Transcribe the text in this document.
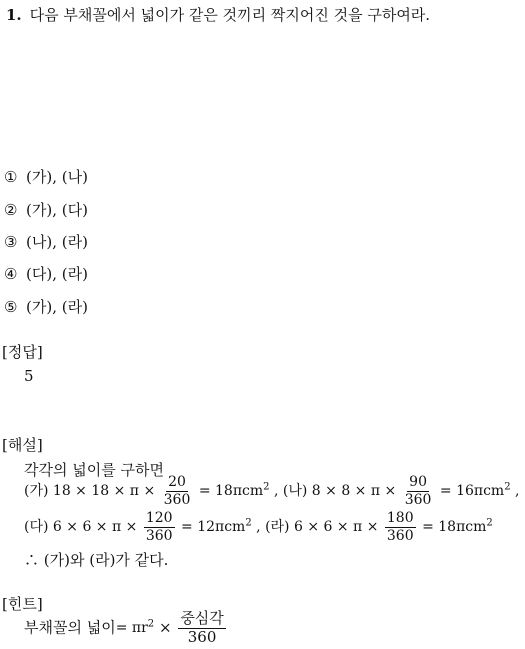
1. 다음 부채꼴에서 넓이가 같은 것끼리 짝지어진 것을 구하여라.
① (가), (나)
② (가), (다)
③ (나), (라)
④ (다), (라)
⑤ (가), (라)
[정답]
5
[해설]
각각의 넓이를 구하면
(가) $18 \times 18 \times \pi \times \frac{20}{360} = 18\pi cm^2$ , (나) $8 \times 8 \times \pi \times \frac{90}{360} = 16\pi cm^2$ ,
(다) $6 \times 6 \times \pi \times \frac{120}{360} = 12\pi cm^2$ , (라) $6 \times 6 \times \pi \times \frac{180}{360} = 18\pi cm^2$
∴ (가)와 (라)가 같다.
[힌트]
부채꼴의 넓이= $\pi r^2 \times \frac{\text{중심각}}{360}$
